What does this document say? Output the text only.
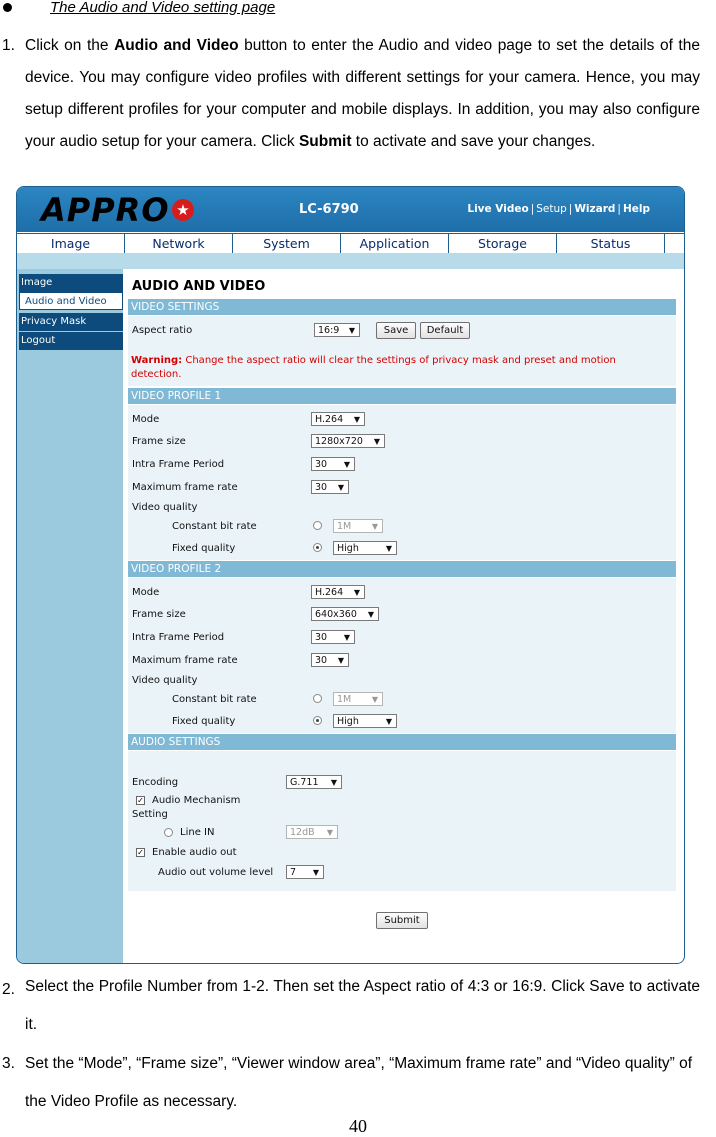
The Audio and Video setting page
1. Click on the Audio and Video button to enter the Audio and video page to set the details of the device. You may configure video profiles with different settings for your camera. Hence, you may setup different profiles for your computer and mobile displays. In addition, you may also configure your audio setup for your camera. Click Submit to activate and save your changes.
APPRO ★	LC-6790	Live Video | Setup | Wizard | Help
Image	Network	System	Application	Storage	Status
Image
Audio and Video
Privacy Mask
Logout
AUDIO AND VIDEO
VIDEO SETTINGS
Aspect ratio	16:9 ▼	Save	Default
Warning: Change the aspect ratio will clear the settings of privacy mask and preset and motion detection.
VIDEO PROFILE 1
Mode	H.264 ▼
Frame size	1280x720 ▼
Intra Frame Period	30 ▼
Maximum frame rate	30 ▼
Video quality
Constant bit rate	1M	▼
Fixed quality	High	▼
VIDEO PROFILE 2
Mode	H.264 ▼
Frame size	640x360 ▼
Intra Frame Period	30 ▼
Maximum frame rate	30 ▼
Video quality
Constant bit rate	1M	▼
Fixed quality	High	▼
AUDIO SETTINGS
Encoding	G.711 ▼
✓ Audio Mechanism Setting
Line IN	12dB ▼
✓ Enable audio out
Audio out volume level	7 ▼
Submit
2. Select the Profile Number from 1-2. Then set the Aspect ratio of 4:3 or 16:9. Click Save to activate it.
3. Set the “Mode”, “Frame size”, “Viewer window area”, “Maximum frame rate” and “Video quality” of the Video Profile as necessary.
40
